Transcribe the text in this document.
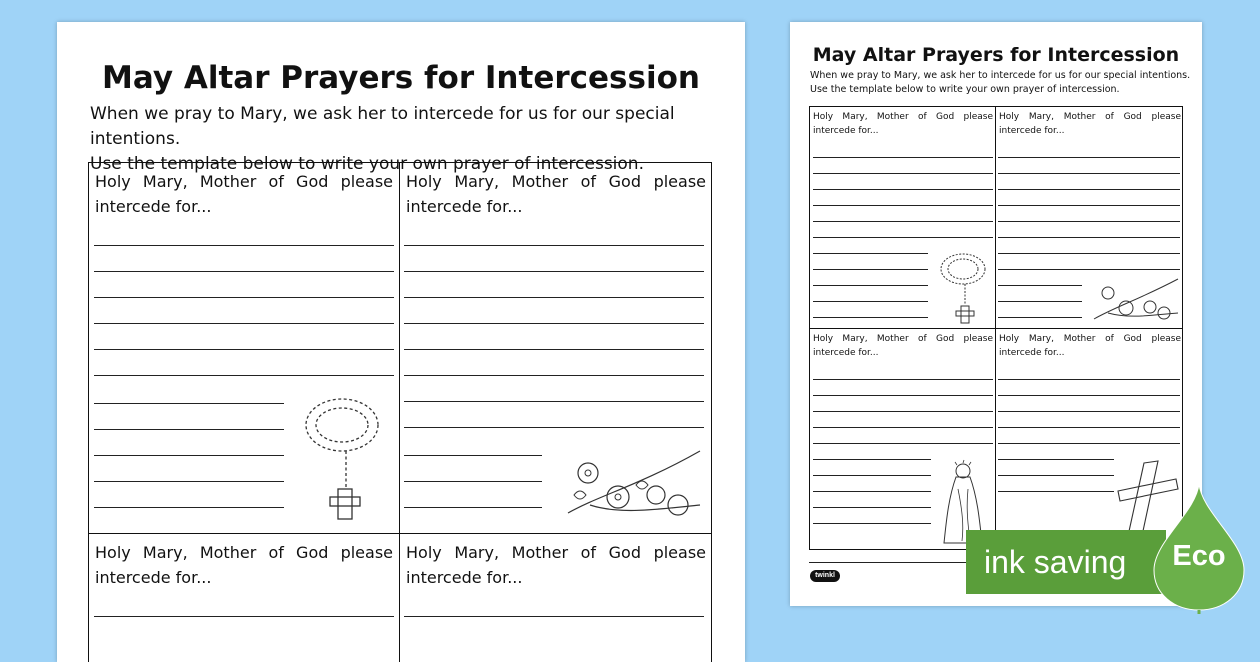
May Altar Prayers for Intercession
When we pray to Mary, we ask her to intercede for us for our special intentions.
Use the template below to write your own prayer of intercession.
Holy Mary, Mother of God please intercede for...
Holy Mary, Mother of God please intercede for...
Holy Mary, Mother of God please intercede for...
Holy Mary, Mother of God please intercede for...
May Altar Prayers for Intercession
When we pray to Mary, we ask her to intercede for us for our special intentions.
Use the template below to write your own prayer of intercession.
Holy Mary, Mother of God please intercede for...
Holy Mary, Mother of God please intercede for...
Holy Mary, Mother of God please intercede for...
Holy Mary, Mother of God please intercede for...
twinkl	ink saving	Eco
